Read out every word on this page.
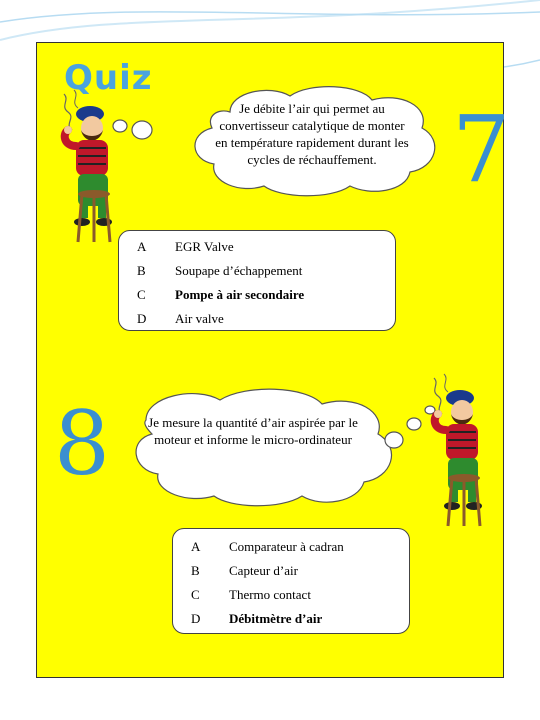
Quiz
7
8
Je débite l’air qui permet au convertisseur catalytique de monter en température rapidement durant les cycles de réchauffement.
Je mesure la quantité d’air aspirée par le moteur et informe le micro-ordinateur
A EGR Valve
B Soupape d’échappement
C Pompe à air secondaire
D Air valve
A Comparateur à cadran
B Capteur d’air
C Thermo contact
D Débitmètre d’air
